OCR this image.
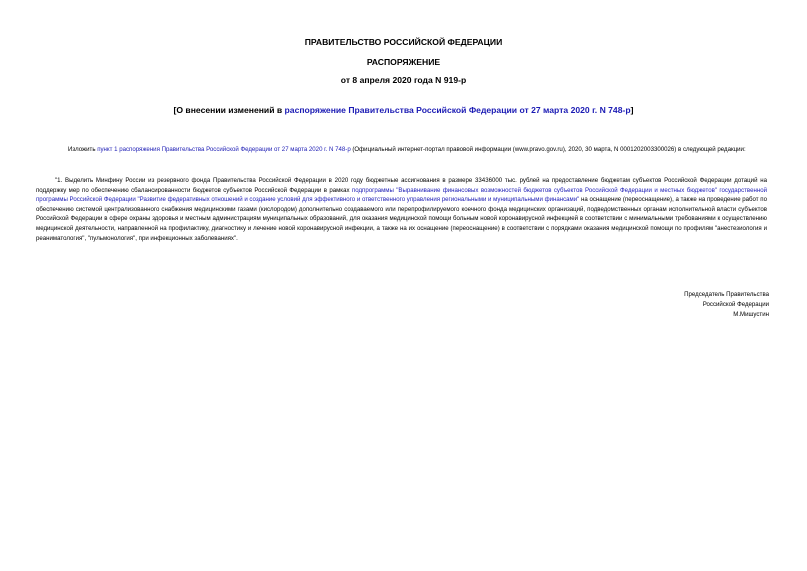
ПРАВИТЕЛЬСТВО РОССИЙСКОЙ ФЕДЕРАЦИИ
РАСПОРЯЖЕНИЕ
от 8 апреля 2020 года N 919-р
[О внесении изменений в распоряжение Правительства Российской Федерации от 27 марта 2020 г. N 748-р]
Изложить пункт 1 распоряжения Правительства Российской Федерации от 27 марта 2020 г. N 748-р (Официальный интернет-портал правовой информации (www.pravo.gov.ru), 2020, 30 марта, N 0001202003300026) в следующей редакции:
"1. Выделить Минфину России из резервного фонда Правительства Российской Федерации в 2020 году бюджетные ассигнования в размере 33436000 тыс. рублей на предоставление бюджетам субъектов Российской Федерации дотаций на поддержку мер по обеспечению сбалансированности бюджетов субъектов Российской Федерации в рамках подпрограммы "Выравнивание финансовых возможностей бюджетов субъектов Российской Федерации и местных бюджетов" государственной программы Российской Федерации "Развитие федеративных отношений и создание условий для эффективного и ответственного управления региональными и муниципальными финансами" на оснащение (переоснащение), а также на проведение работ по обеспечению системой централизованного снабжения медицинскими газами (кислородом) дополнительно создаваемого или перепрофилируемого коечного фонда медицинских организаций, подведомственных органам исполнительной власти субъектов Российской Федерации в сфере охраны здоровья и местным администрациям муниципальных образований, для оказания медицинской помощи больным новой коронавирусной инфекцией в соответствии с минимальными требованиями к осуществлению медицинской деятельности, направленной на профилактику, диагностику и лечение новой коронавирусной инфекции, а также на их оснащение (переоснащение) в соответствии с порядками оказания медицинской помощи по профилям "анестезиология и реаниматология", "пульмонология", при инфекционных заболеваниях".
Председатель Правительства
Российской Федерации
М.Мишустин
